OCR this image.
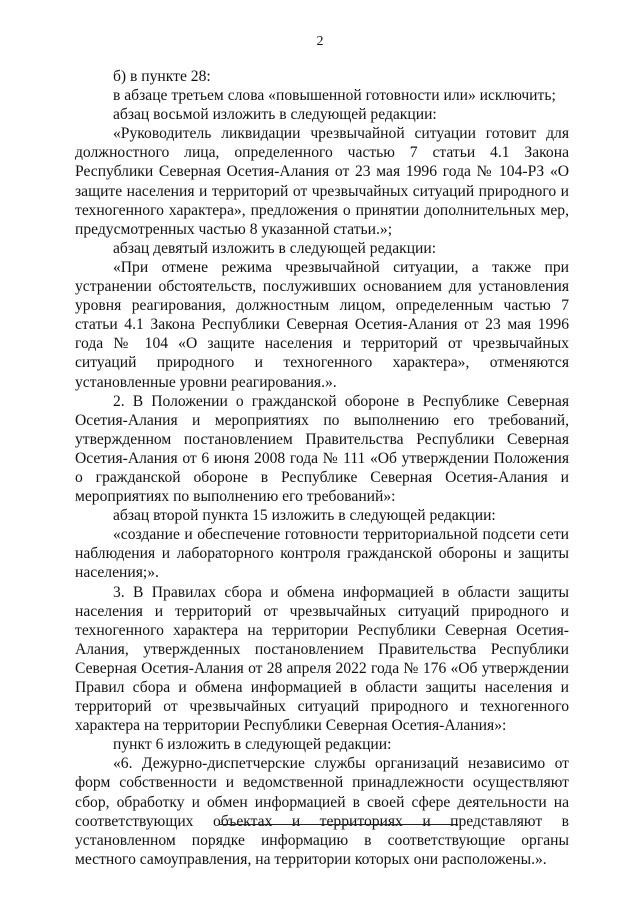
2

б) в пункте 28:

в абзаце третьем слова «повышенной готовности или» исключить;

абзац восьмой изложить в следующей редакции:

«Руководитель ликвидации чрезвычайной ситуации готовит для должностного лица, определенного частью 7 статьи 4.1 Закона Республики Северная Осетия-Алания от 23 мая 1996 года № 104-РЗ «О защите населения и территорий от чрезвычайных ситуаций природного и техногенного характера», предложения о принятии дополнительных мер, предусмотренных частью 8 указанной статьи.»;

абзац девятый изложить в следующей редакции:

«При отмене режима чрезвычайной ситуации, а также при устранении обстоятельств, послуживших основанием для установления уровня реагирования, должностным лицом, определенным частью 7 статьи 4.1 Закона Республики Северная Осетия-Алания от 23 мая 1996 года № 104 «О защите населения и территорий от чрезвычайных ситуаций природного и техногенного характера», отменяются установленные уровни реагирования.».

2. В Положении о гражданской обороне в Республике Северная Осетия-Алания и мероприятиях по выполнению его требований, утвержденном постановлением Правительства Республики Северная Осетия-Алания от 6 июня 2008 года № 111 «Об утверждении Положения о гражданской обороне в Республике Северная Осетия-Алания и мероприятиях по выполнению его требований»:

абзац второй пункта 15 изложить в следующей редакции:

«создание и обеспечение готовности территориальной подсети сети наблюдения и лабораторного контроля гражданской обороны и защиты населения;».

3. В Правилах сбора и обмена информацией в области защиты населения и территорий от чрезвычайных ситуаций природного и техногенного характера на территории Республики Северная Осетия-Алания, утвержденных постановлением Правительства Республики Северная Осетия-Алания от 28 апреля 2022 года № 176 «Об утверждении Правил сбора и обмена информацией в области защиты населения и территорий от чрезвычайных ситуаций природного и техногенного характера на территории Республики Северная Осетия-Алания»:

пункт 6 изложить в следующей редакции:

«6. Дежурно-диспетчерские службы организаций независимо от форм собственности и ведомственной принадлежности осуществляют сбор, обработку и обмен информацией в своей сфере деятельности на соответствующих объектах и территориях и представляют в установленном порядке информацию в соответствующие органы местного самоуправления, на территории которых они расположены.».
